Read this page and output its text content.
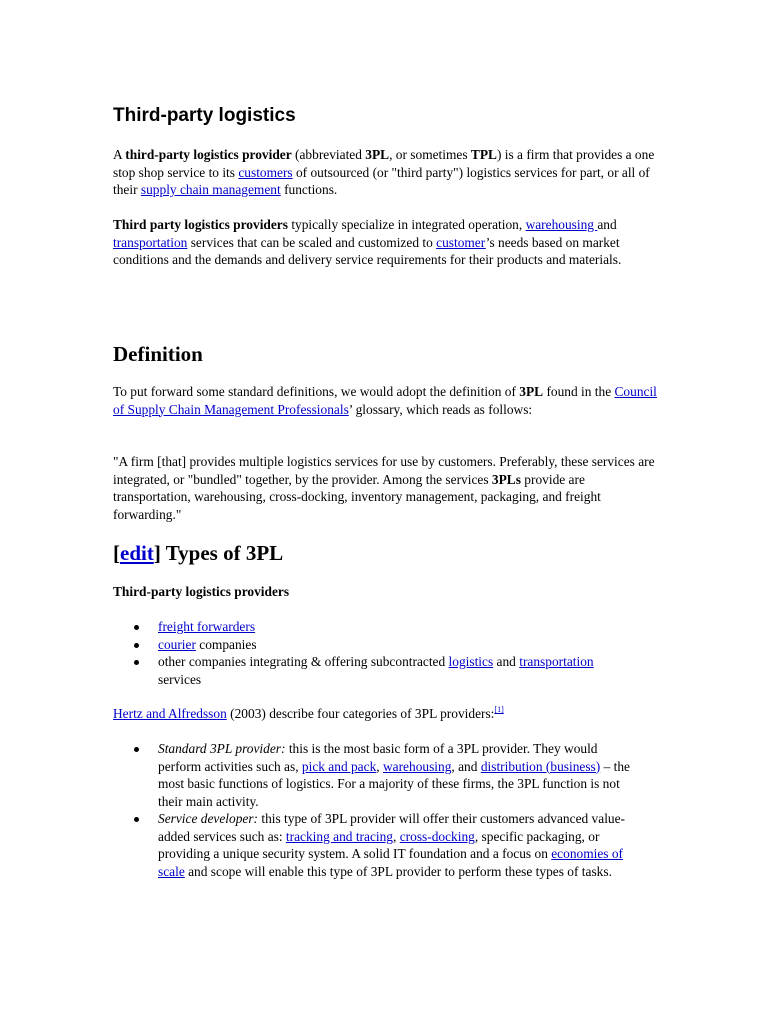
Third-party logistics

A third-party logistics provider (abbreviated 3PL, or sometimes TPL) is a firm that provides a one stop shop service to its customers of outsourced (or "third party") logistics services for part, or all of their supply chain management functions.

Third party logistics providers typically specialize in integrated operation, warehousing and transportation services that can be scaled and customized to customer’s needs based on market conditions and the demands and delivery service requirements for their products and materials.

Definition

To put forward some standard definitions, we would adopt the definition of 3PL found in the Council of Supply Chain Management Professionals’ glossary, which reads as follows:

"A firm [that] provides multiple logistics services for use by customers. Preferably, these services are integrated, or "bundled" together, by the provider. Among the services 3PLs provide are transportation, warehousing, cross-docking, inventory management, packaging, and freight forwarding."

[edit] Types of 3PL

Third-party logistics providers

freight forwarders
courier companies
other companies integrating & offering subcontracted logistics and transportation services

Hertz and Alfredsson (2003) describe four categories of 3PL providers:[1]

Standard 3PL provider: this is the most basic form of a 3PL provider. They would perform activities such as, pick and pack, warehousing, and distribution (business) – the most basic functions of logistics. For a majority of these firms, the 3PL function is not their main activity.
Service developer: this type of 3PL provider will offer their customers advanced value-added services such as: tracking and tracing, cross-docking, specific packaging, or providing a unique security system. A solid IT foundation and a focus on economies of scale and scope will enable this type of 3PL provider to perform these types of tasks.
